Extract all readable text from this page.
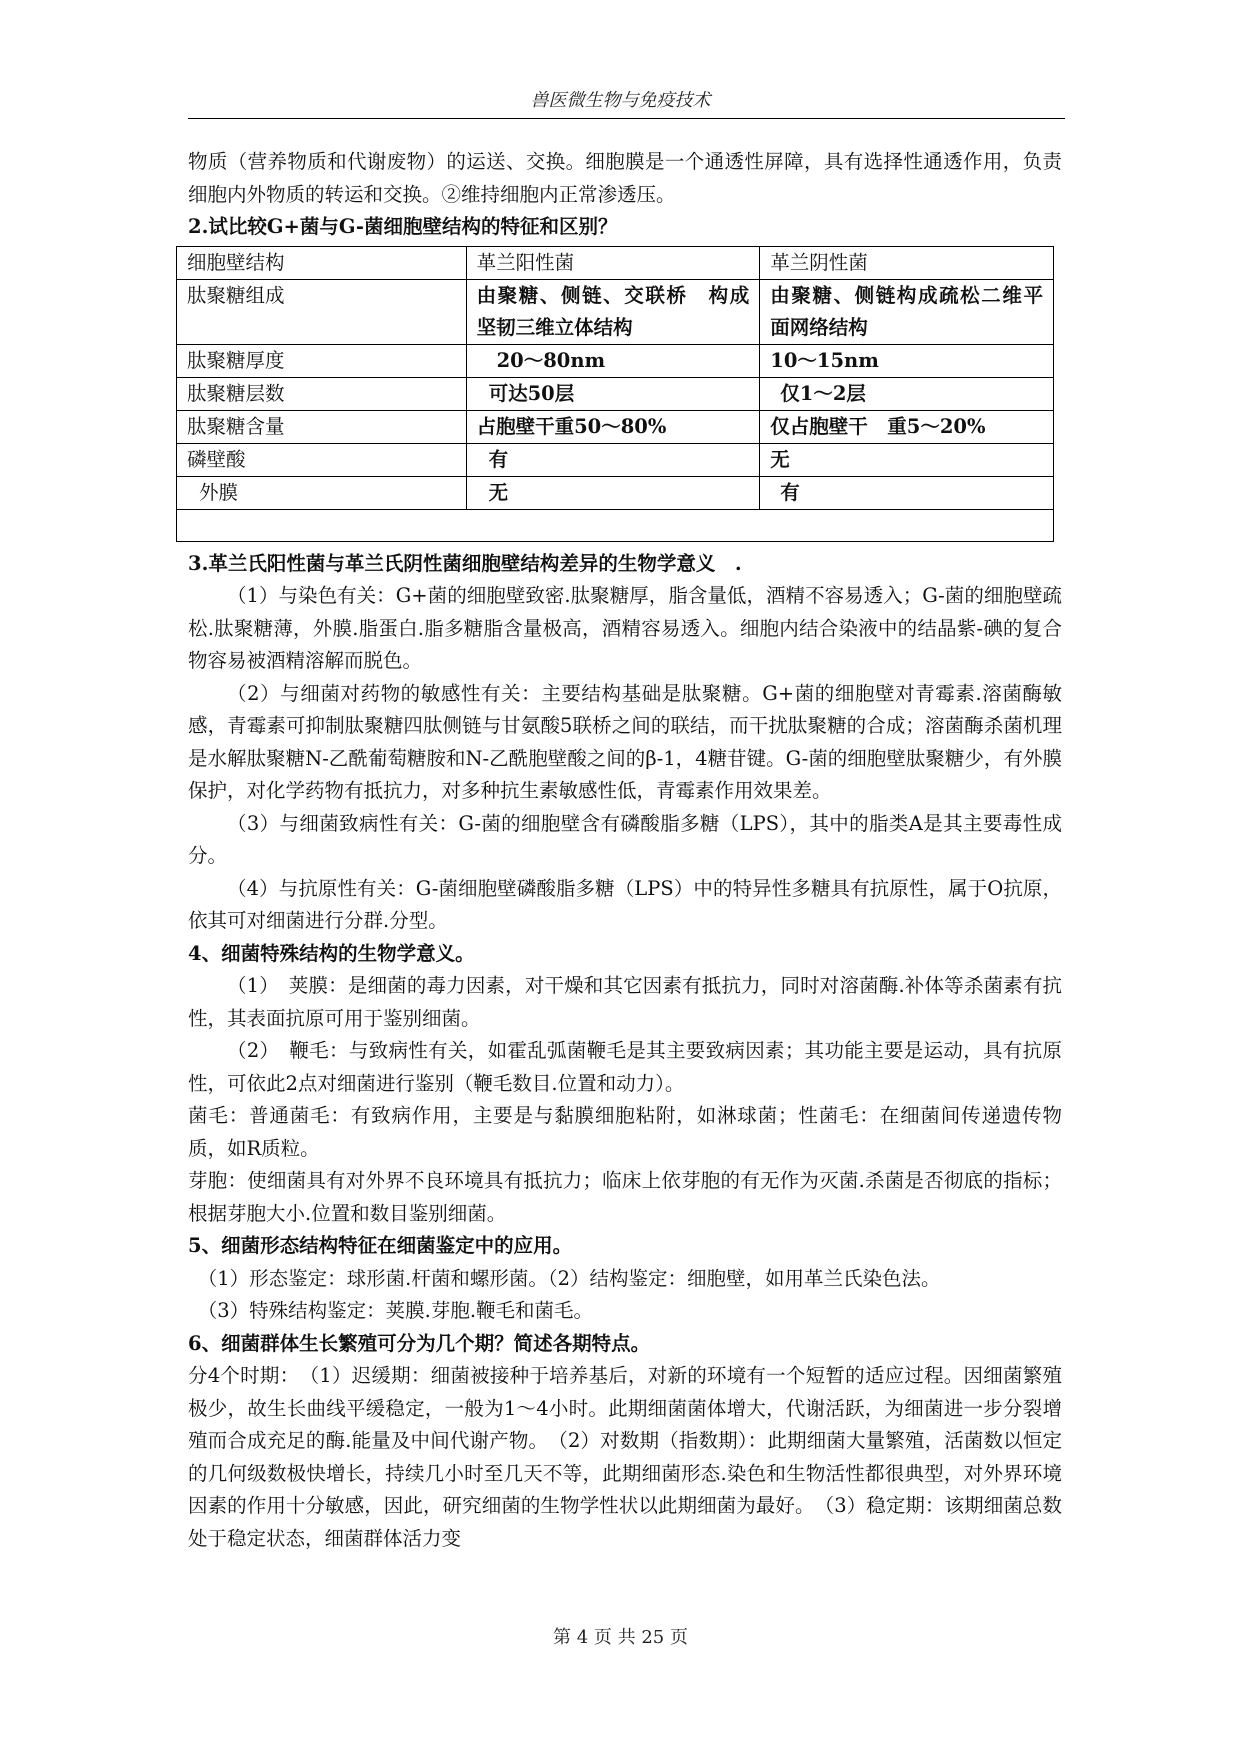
兽医微生物与免疫技术

物质（营养物质和代谢废物）的运送、交换。细胞膜是一个通透性屏障，具有选择性通透作用，负责细胞内外物质的转运和交换。②维持细胞内正常渗透压。

2.试比较G+菌与G-菌细胞壁结构的特征和区别？

细胞壁结构	革兰阳性菌	革兰阴性菌
肽聚糖组成	由聚糖、侧链、交联桥　构成坚韧三维立体结构	由聚糖、侧链构成疏松二维平面网络结构
肽聚糖厚度	20～80nm	10～15nm
肽聚糖层数	可达50层	仅1～2层
肽聚糖含量	占胞壁干重50～80%	仅占胞壁干　重5～20%
磷壁酸	有	无
外膜	无	有

3.革兰氏阳性菌与革兰氏阴性菌细胞壁结构差异的生物学意义　.

（1）与染色有关：G+菌的细胞壁致密.肽聚糖厚，脂含量低，酒精不容易透入；G-菌的细胞壁疏松.肽聚糖薄，外膜.脂蛋白.脂多糖脂含量极高，酒精容易透入。细胞内结合染液中的结晶紫-碘的复合物容易被酒精溶解而脱色。

（2）与细菌对药物的敏感性有关：主要结构基础是肽聚糖。G+菌的细胞壁对青霉素.溶菌酶敏感，青霉素可抑制肽聚糖四肽侧链与甘氨酸5联桥之间的联结，而干扰肽聚糖的合成；溶菌酶杀菌机理是水解肽聚糖N-乙酰葡萄糖胺和N-乙酰胞壁酸之间的β-1，4糖苷键。G-菌的细胞壁肽聚糖少，有外膜保护，对化学药物有抵抗力，对多种抗生素敏感性低，青霉素作用效果差。

（3）与细菌致病性有关：G-菌的细胞壁含有磷酸脂多糖（LPS），其中的脂类A是其主要毒性成分。

（4）与抗原性有关：G-菌细胞壁磷酸脂多糖（LPS）中的特异性多糖具有抗原性，属于O抗原，依其可对细菌进行分群.分型。

4、细菌特殊结构的生物学意义。

（1）　荚膜：是细菌的毒力因素，对干燥和其它因素有抵抗力，同时对溶菌酶.补体等杀菌素有抗性，其表面抗原可用于鉴别细菌。

（2）　鞭毛：与致病性有关，如霍乱弧菌鞭毛是其主要致病因素；其功能主要是运动，具有抗原性，可依此2点对细菌进行鉴别（鞭毛数目.位置和动力）。

菌毛：普通菌毛：有致病作用，主要是与黏膜细胞粘附，如淋球菌；性菌毛：在细菌间传递遗传物质，如R质粒。

芽胞：使细菌具有对外界不良环境具有抵抗力；临床上依芽胞的有无作为灭菌.杀菌是否彻底的指标；根据芽胞大小.位置和数目鉴别细菌。

5、细菌形态结构特征在细菌鉴定中的应用。

（1）形态鉴定：球形菌.杆菌和螺形菌。（2）结构鉴定：细胞壁，如用革兰氏染色法。

（3）特殊结构鉴定：荚膜.芽胞.鞭毛和菌毛。

6、细菌群体生长繁殖可分为几个期？简述各期特点。

分4个时期：　（1）迟缓期：细菌被接种于培养基后，对新的环境有一个短暂的适应过程。因细菌繁殖极少，故生长曲线平缓稳定，一般为1～4小时。此期细菌菌体增大，代谢活跃，为细菌进一步分裂增殖而合成充足的酶.能量及中间代谢产物。　（2）对数期（指数期）：此期细菌大量繁殖，活菌数以恒定的几何级数极快增长，持续几小时至几天不等，此期细菌形态.染色和生物活性都很典型，对外界环境因素的作用十分敏感，因此，研究细菌的生物学性状以此期细菌为最好。　（3）稳定期：该期细菌总数处于稳定状态，细菌群体活力变

第 4 页 共 25 页
